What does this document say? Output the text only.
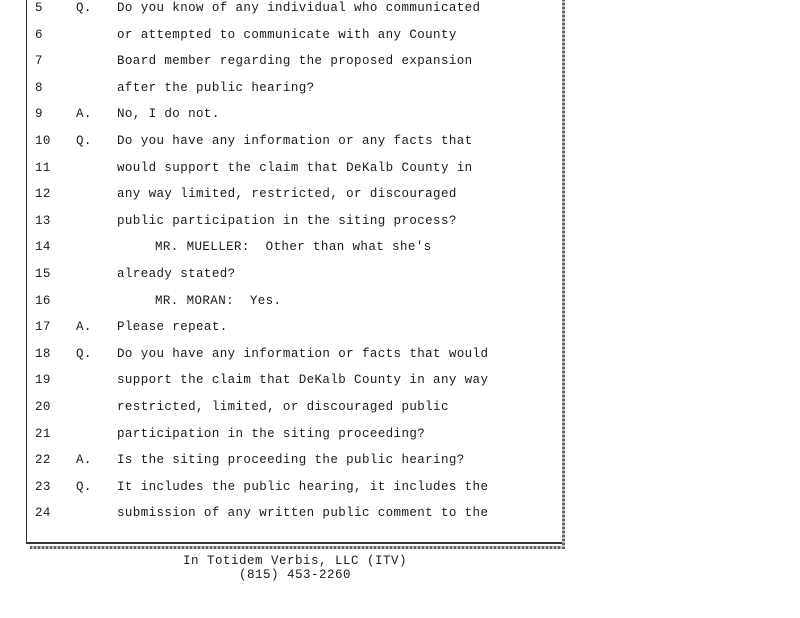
5	Q. Do you know of any individual who communicated
6	or attempted to communicate with any County
7	Board member regarding the proposed expansion
8	after the public hearing?
9	A. No, I do not.
10	Q. Do you have any information or any facts that
11	would support the claim that DeKalb County in
12	any way limited, restricted, or discouraged
13	public participation in the siting process?
14	MR. MUELLER:  Other than what she's
15	already stated?
16	MR. MORAN:  Yes.
17	A. Please repeat.
18	Q. Do you have any information or facts that would
19	support the claim that DeKalb County in any way
20	restricted, limited, or discouraged public
21	participation in the siting proceeding?
22	A. Is the siting proceeding the public hearing?
23	Q. It includes the public hearing, it includes the
24	submission of any written public comment to the
In Totidem Verbis, LLC (ITV)
(815) 453-2260
